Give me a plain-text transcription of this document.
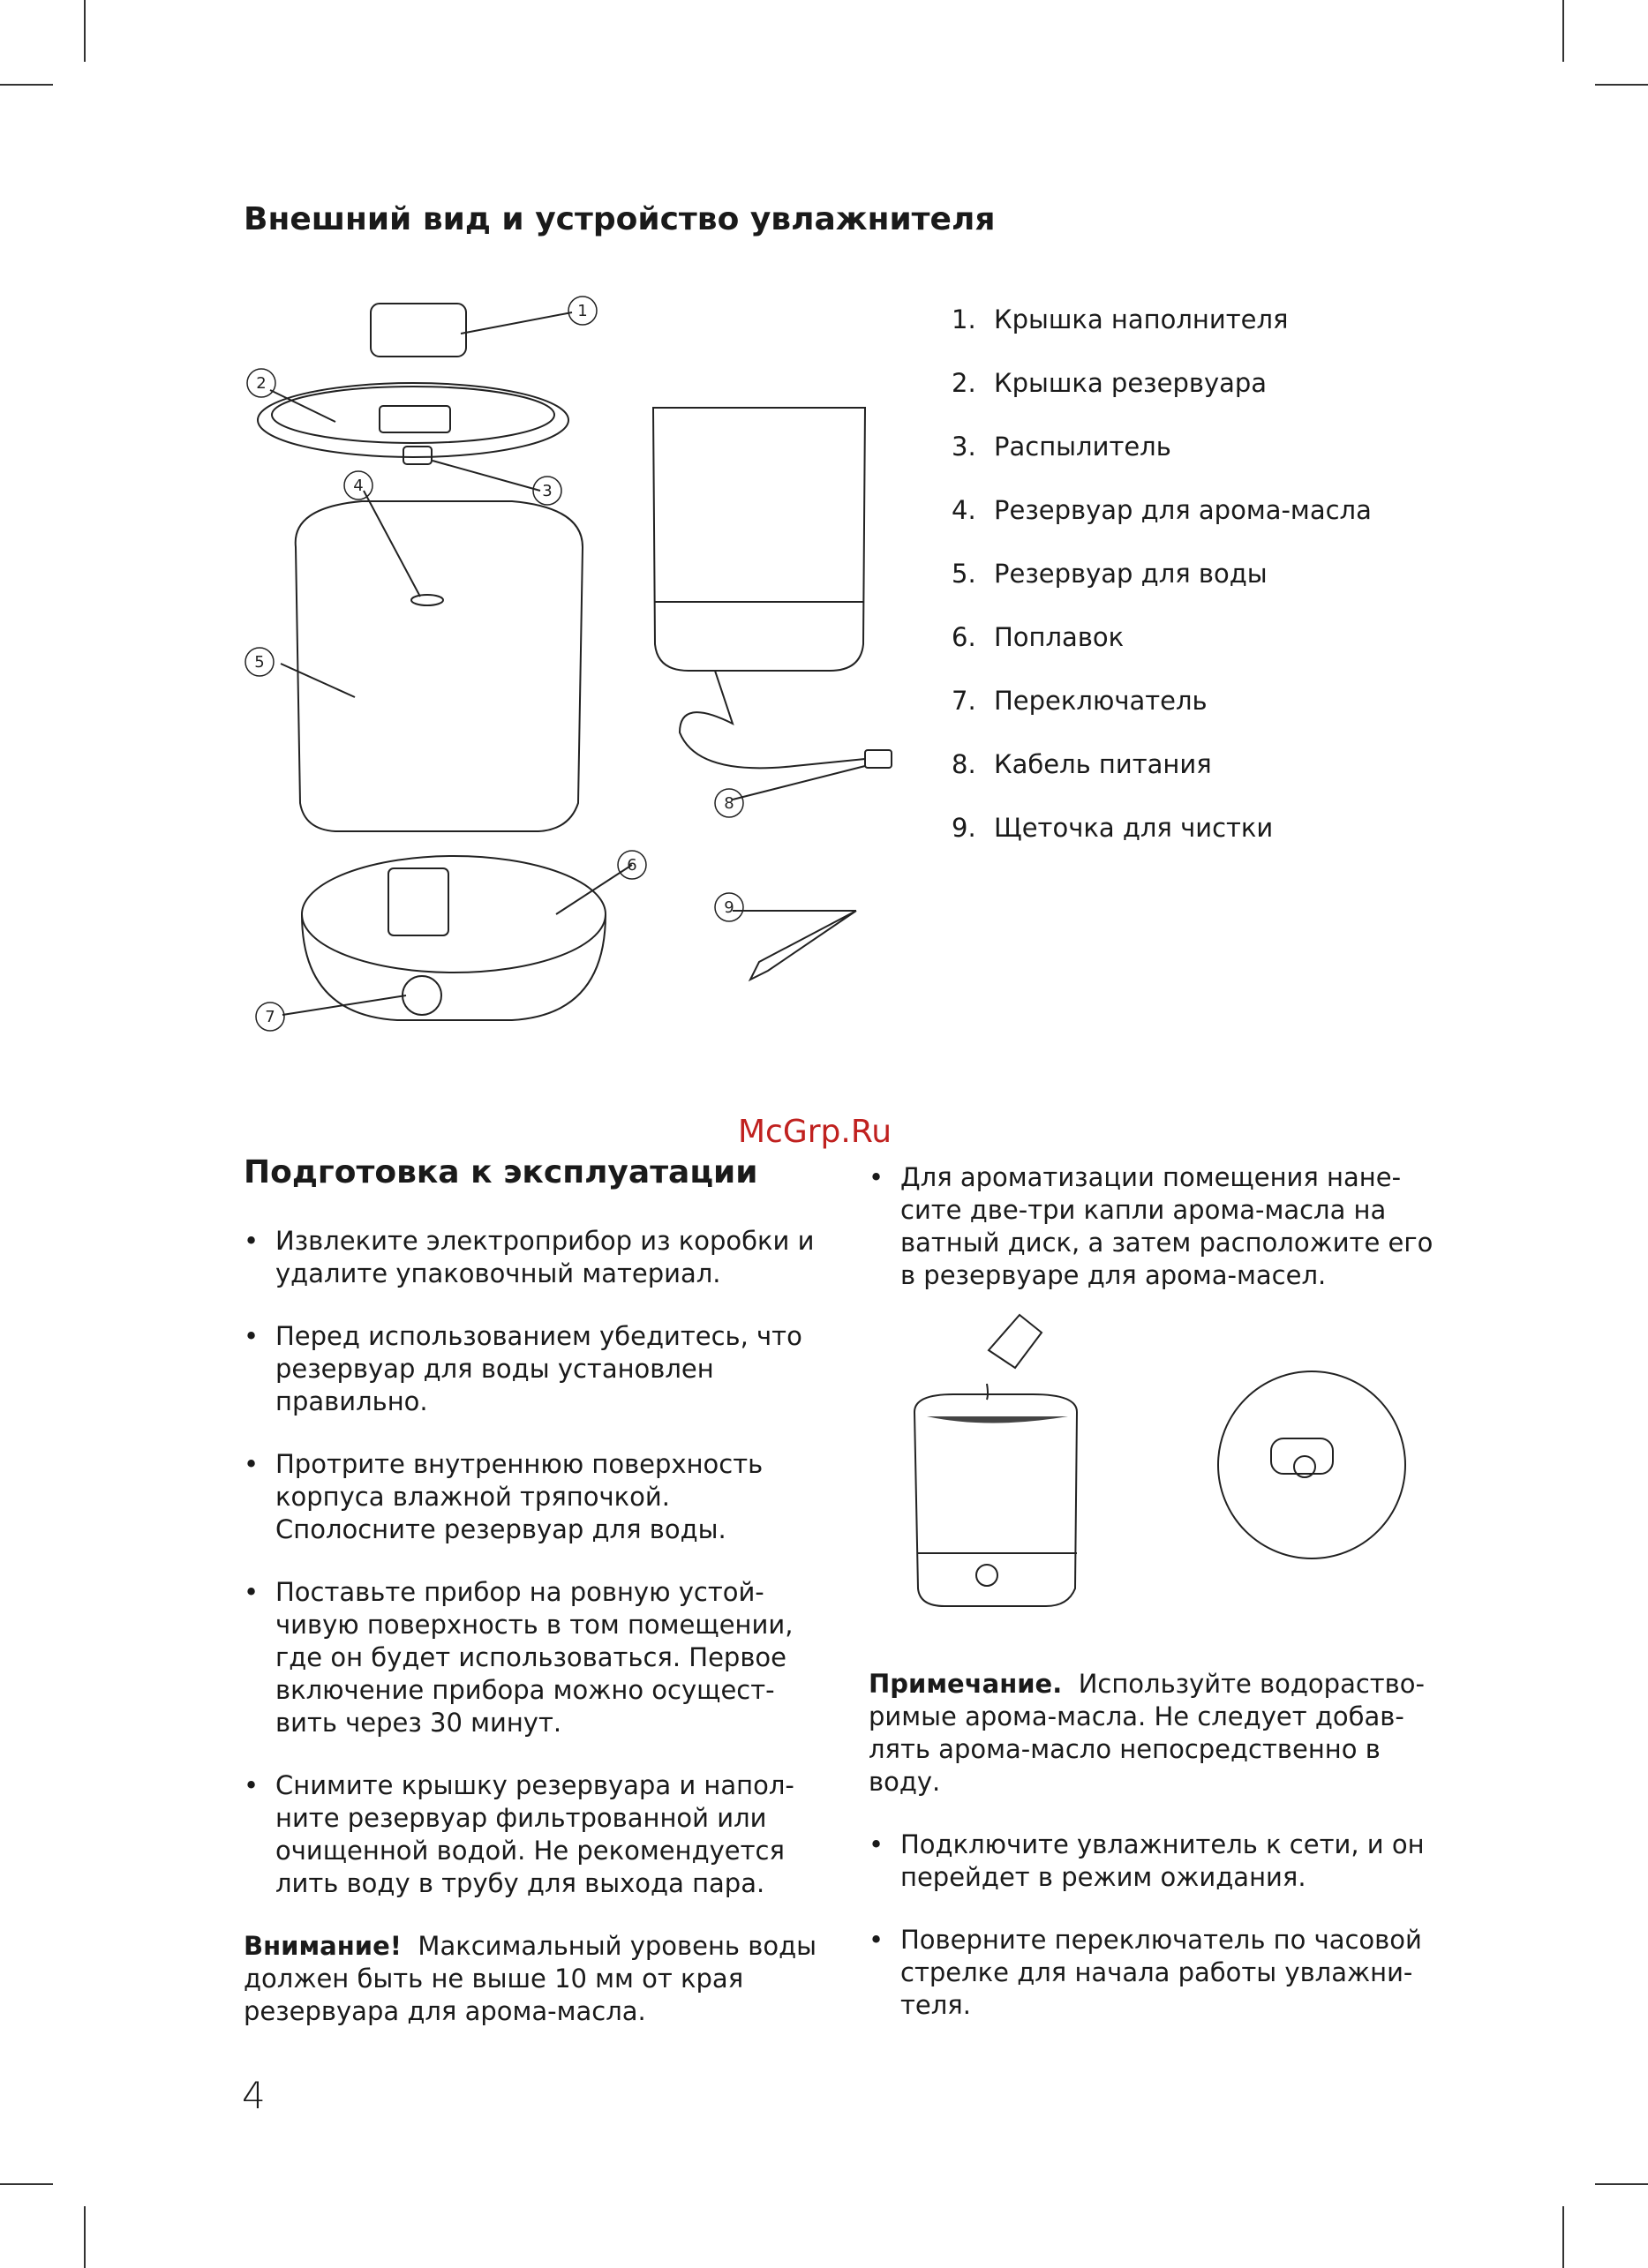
Внешний вид и устройство увлажнителя
1
2
3
4
5
6
7
8
9
1. Крышка наполнителя
2. Крышка резервуара
3. Распылитель
4. Резервуар для арома-масла
5. Резервуар для воды
6. Поплавок
7. Переключатель
8. Кабель питания
9. Щеточка для чистки
McGrp.Ru
Подготовка к эксплуатации

• Извлеките электроприбор из коробки и удалите упаковочный материал.

• Перед использованием убедитесь, что резервуар для воды установлен правильно.

• Протрите внутреннюю поверхность корпуса влажной тряпочкой. Сполосните резервуар для воды.

• Поставьте прибор на ровную устойчивую поверхность в том помещении, где он будет использоваться. Первое включение прибора можно осуществить через 30 минут.

• Снимите крышку резервуара и наполните резервуар фильтрованной или очищенной водой. Не рекомендуется лить воду в трубу для выхода пара.

Внимание! Максимальный уровень воды должен быть не выше 10 мм от края резервуара для арома-масла.

• Для ароматизации помещения нанесите две-три капли арома-масла на ватный диск, а затем расположите его в резервуаре для арома-масел.

Примечание. Используйте водорастворимые арома-масла. Не следует добавлять арома-масло непосредственно в воду.

• Подключите увлажнитель к сети, и он перейдет в режим ожидания.

• Поверните переключатель по часовой стрелке для начала работы увлажнителя.

4
